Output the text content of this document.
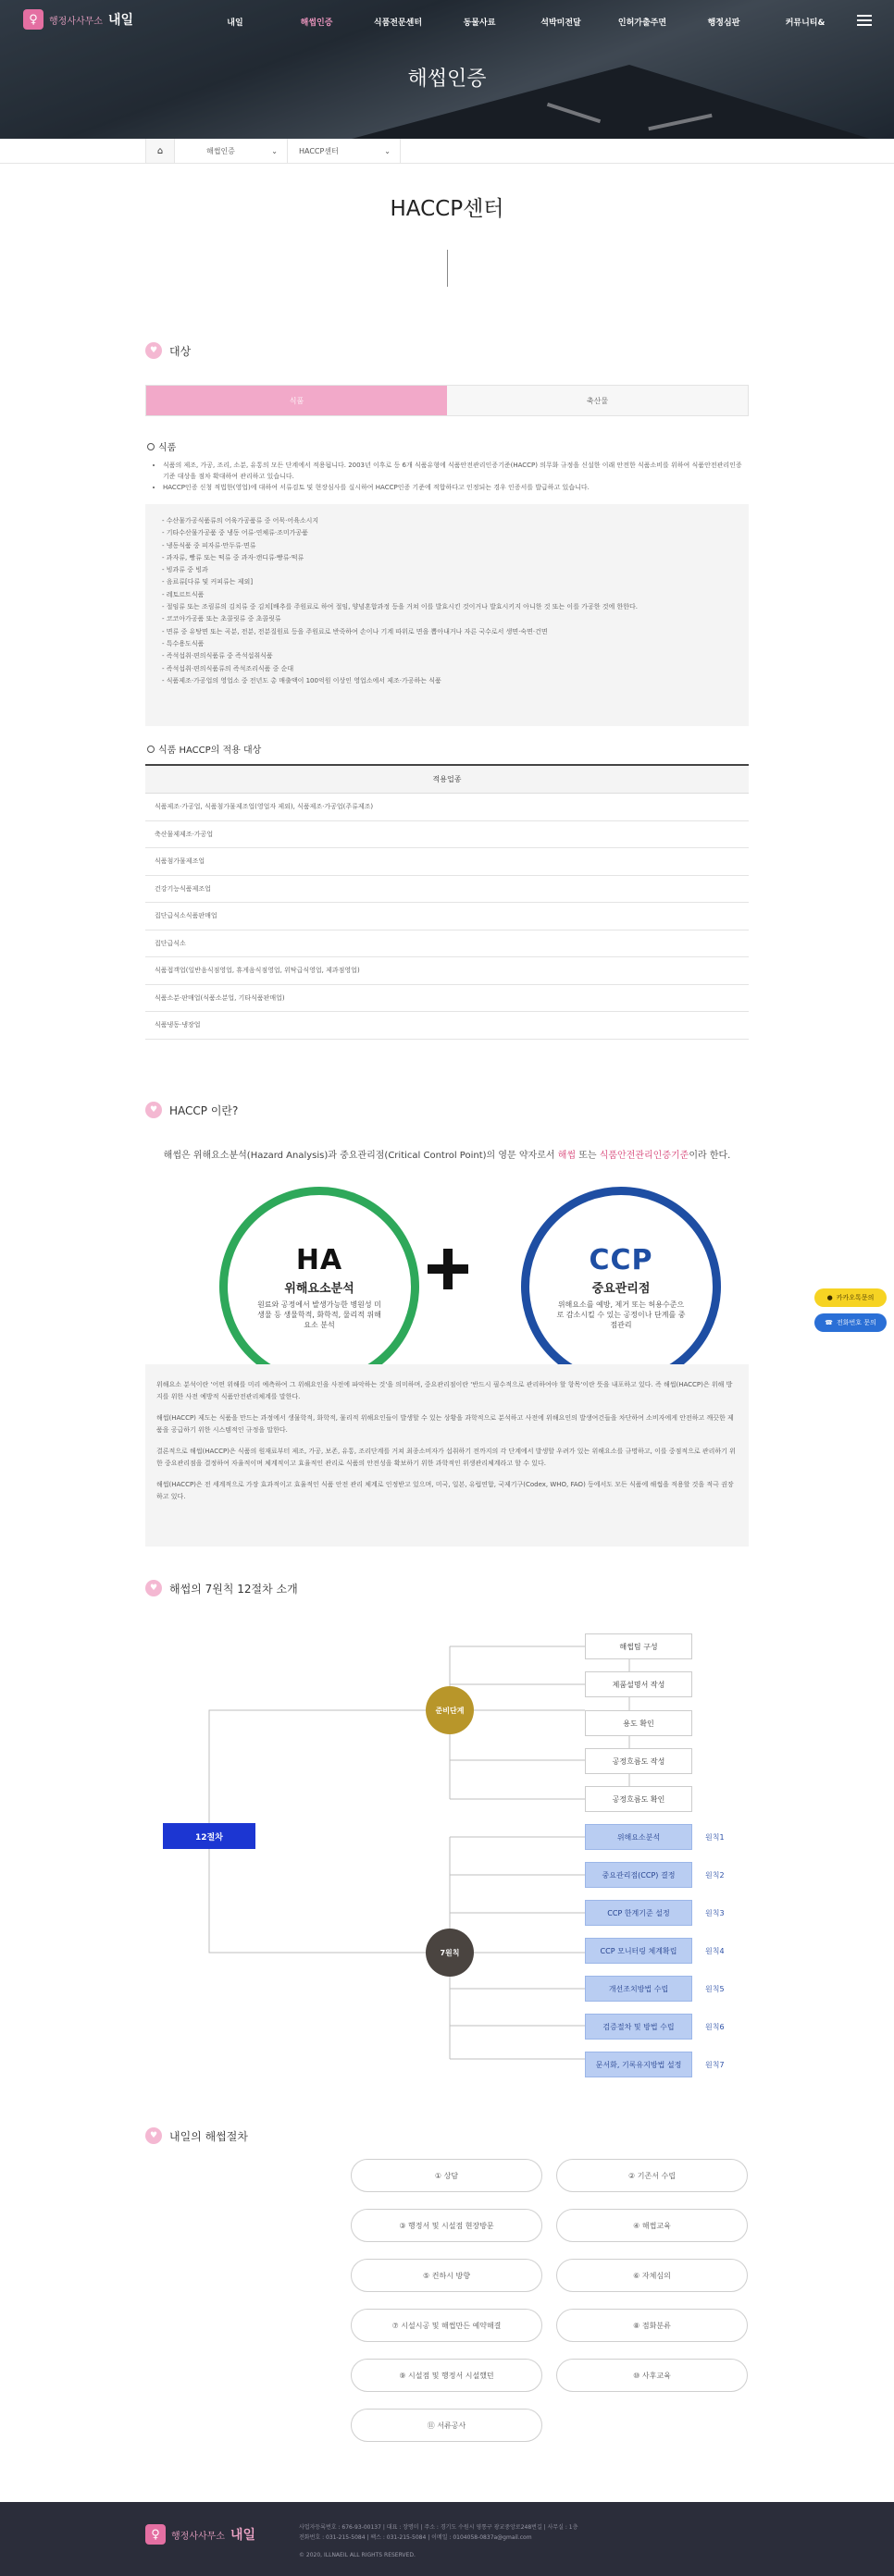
♀	행정사사무소 내일	내일	해썹인증	식품전문센터	동물사료	석박미전달	인허가출주면	행정심판	커뮤니티&
해썹인증
⌂	해썹인증	⌄	HACCP센터	⌄
HACCP센터
♥	대상
식품	축산물
식품
• 식품의 제조, 가공, 조리, 소분, 유통의 모든 단계에서 적용됩니다. 2003년 이후로 등 6개 식품유형에 식품안전관리인증기준(HACCP) 의무화 규정을 신설한 이래 안전한 식품소비를 위하여 식품안전관리인증기준 대상을 점차 확대하여 관리하고 있습니다.
• HACCP인증 신청 적법한(영업)에 대하여 서류검토 및 현장심사를 실시하여 HACCP인증 기준에 적합하다고 인정되는 경우 인증서를 발급하고 있습니다.
- 수산물가공식품류의 어육가공품류 중 어묵·어육소시지
- 기타수산물가공품 중 냉동 어류·연체류·조미가공품
- 냉동식품 중 피자류·만두류·면류
- 과자류, 빵류 또는 떡류 중 과자·캔디류·빵류·떡류
- 빙과류 중 빙과
- 음료류[다류 및 커피류는 제외]
- 레토르트식품
- 절임류 또는 조림류의 김치류 중 김치[배추를 주원료로 하여 절임, 양념혼합과정 등을 거쳐 이를 발효시킨 것이거나 발효시키지 아니한 것 또는 이를 가공한 것에 한한다.
- 코코아가공품 또는 초콜릿류 중 초콜릿류
- 면류 중 유탕면 또는 곡분, 전분, 전분질원료 등을 주원료로 반죽하여 손이나 기계 따위로 면을 뽑아내거나 자른 국수로서 생면·숙면·건면
- 특수용도식품
- 즉석섭취·편의식품류 중 즉석섭취식품
- 즉석섭취·편의식품류의 즉석조리식품 중 순대
- 식품제조·가공업의 영업소 중 전년도 총 매출액이 100억원 이상인 영업소에서 제조·가공하는 식품
식품 HACCP의 적용 대상
적용업종
식품제조·가공업, 식품첨가물제조업(영업자 제외), 식품제조·가공업(주류제조)
축산물제제조·가공업
식품첨가물제조업
건강기능식품제조업
집단급식소식품판매업
집단급식소
식품접객업(일반음식점영업, 휴게음식점영업, 위탁급식영업, 제과점영업)
식품소분·판매업(식품소분업, 기타식품판매업)
식품냉동·냉장업
♥	HACCP 이란?
해썹은 위해요소분석(Hazard Analysis)과 중요관리점(Critical Control Point)의 영문 약자로서 해썹 또는 식품안전관리인증기준이라 한다.
HA
위해요소분석
원료와 공정에서 발생가능한 병원성 미생물 등 생물학적, 화학적, 물리적 위해요소 분석
CCP
중요관리점
위해요소를 예방, 제거 또는 허용수준으로 감소시킬 수 있는 공정이나 단계를 중점관리

위해요소 분석이란 '어떤 위해를 미리 예측하여 그 위해요인을 사전에 파악하는 것'을 의미하며, 중요관리점이란 '반드시 필수적으로 관리하여야 할 항목'이란 뜻을 내포하고 있다. 즉 해썹(HACCP)은 위해 방지를 위한 사전 예방적 식품안전관리체계를 말한다.

해썹(HACCP) 제도는 식품을 만드는 과정에서 생물학적, 화학적, 물리적 위해요인들이 발생할 수 있는 상황을 과학적으로 분석하고 사전에 위해요인의 발생여건들을 차단하여 소비자에게 안전하고 깨끗한 제품을 공급하기 위한 시스템적인 규정을 말한다.

결론적으로 해썹(HACCP)은 식품의 원재료부터 제조, 가공, 보존, 유통, 조리단계를 거쳐 최종소비자가 섭취하기 전까지의 각 단계에서 발생할 우려가 있는 위해요소를 규명하고, 이를 중점적으로 관리하기 위한 중요관리점을 결정하여 자율적이며 체계적이고 효율적인 관리로 식품의 안전성을 확보하기 위한 과학적인 위생관리체계라고 할 수 있다.

해썹(HACCP)은 전 세계적으로 가장 효과적이고 효율적인 식품 안전 관리 체계로 인정받고 있으며, 미국, 일본, 유럽연합, 국제기구(Codex, WHO, FAO) 등에서도 모든 식품에 해썹을 적용할 것을 적극 권장하고 있다.

♥	해썹의 7원칙 12절차 소개
12절차
준비단계
7원칙
해썹팀 구성
제품설명서 작성
용도 확인
공정흐름도 작성
공정흐름도 확인
위해요소분석
중요관리점(CCP) 결정
CCP 한계기준 설정
CCP 모니터링 체계확립
개선조치방법 수립
검증절차 및 방법 수립
문서화, 기록유지방법 설정
원칙1
원칙2
원칙3
원칙4
원칙5
원칙6
원칙7
♥	내일의 해썹절차
① 상담
③ 행정서 및 시설점 현장방문
⑤ 컨하시 방향
⑦ 시설시공 및 해썹만든 예약해결
⑨ 시설점 및 행정서 시설했던
⑪ 서류공사
② 기존서 수립
④ 해썹교육
⑥ 자체심의
⑧ 점화분류
⑩ 사후교육
● 카카오톡문의
☎ 전화번호 문의
♀	행정사사무소 내일
사업자등록번호 : 676-93-00137 | 대표 : 장명미 | 주소 : 경기도 수원시 영통구 광교중앙로248번길 | 사무실 : 1층
전화번호 : 031-215-5084 | 팩스 : 031-215-5084 | 이메일 : 0104058-0837a@gmail.com
© 2020, ILLNAEIL ALL RIGHTS RESERVED.
